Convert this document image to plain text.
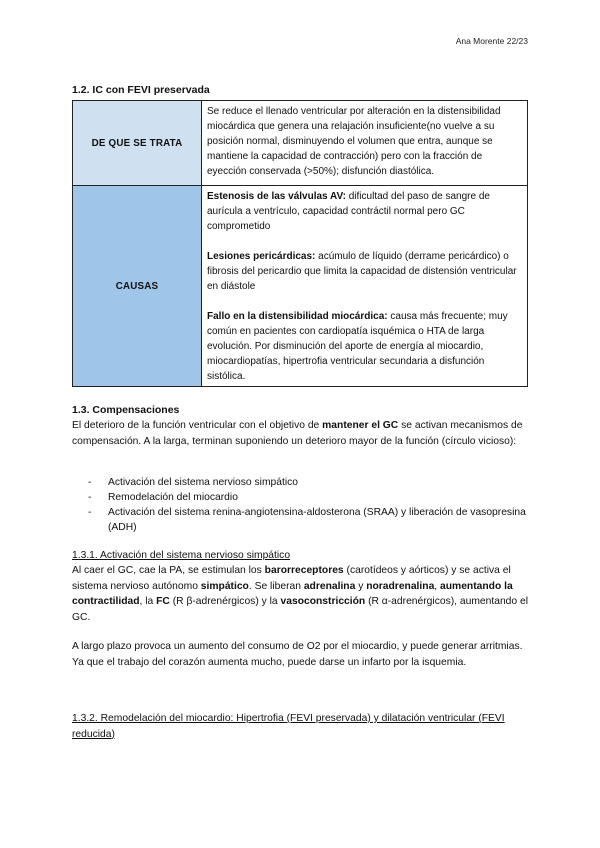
Ana Morente 22/23
1.2. IC con FEVI preservada
DE QUE SE TRATA	Se reduce el llenado ventricular por alteración en la distensibilidad miocárdica que genera una relajación insuficiente(no vuelve a su posición normal, disminuyendo el volumen que entra, aunque se mantiene la capacidad de contracción) pero con la fracción de eyección conservada (>50%); disfunción diastólica.
CAUSAS	Estenosis de las válvulas AV: dificultad del paso de sangre de aurícula a ventrículo, capacidad contráctil normal pero GC comprometido
Lesiones pericárdicas: acúmulo de líquido (derrame pericárdico) o fibrosis del pericardio que limita la capacidad de distensión ventricular en diástole
Fallo en la distensibilidad miocárdica: causa más frecuente; muy común en pacientes con cardiopatía isquémica o HTA de larga evolución. Por disminución del aporte de energía al miocardio, miocardiopatías, hipertrofia ventricular secundaria a disfunción sistólica.
1.3. Compensaciones
El deterioro de la función ventricular con el objetivo de mantener el GC se activan mecanismos de compensación. A la larga, terminan suponiendo un deterioro mayor de la función (círculo vicioso):
-	Activación del sistema nervioso simpático
-	Remodelación del miocardio
-	Activación del sistema renina-angiotensina-aldosterona (SRAA) y liberación de vasopresina (ADH)
1.3.1. Activación del sistema nervioso simpático
Al caer el GC, cae la PA, se estimulan los barorreceptores (carotídeos y aórticos) y se activa el sistema nervioso autónomo simpático. Se liberan adrenalina y noradrenalina, aumentando la contractilidad, la FC (R β-adrenérgicos) y la vasoconstricción (R α-adrenérgicos), aumentando el GC.
A largo plazo provoca un aumento del consumo de O2 por el miocardio, y puede generar arritmias. Ya que el trabajo del corazón aumenta mucho, puede darse un infarto por la isquemia.
1.3.2. Remodelación del miocardio: Hipertrofia (FEVI preservada) y dilatación ventricular (FEVI reducida)
